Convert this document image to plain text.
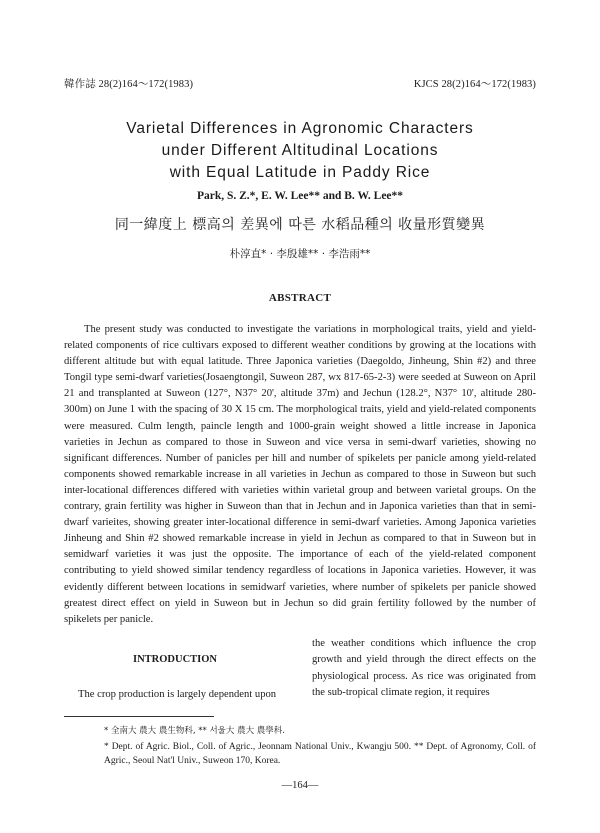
韓作誌 28(2)164～172(1983)	KJCS 28(2)164～172(1983)
Varietal Differences in Agronomic Characters
under Different Altitudinal Locations
with Equal Latitude in Paddy Rice
Park, S. Z.*, E. W. Lee** and B. W. Lee**
同一緯度上 標高의 差異에 따른 水稻品種의 收量形質變異
朴淳直* · 李殷雄** · 李浩雨**
ABSTRACT

The present study was conducted to investigate the variations in morphological traits, yield and yield-related components of rice cultivars exposed to different weather conditions by growing at the locations with different altitude but with equal latitude. Three Japonica varieties (Daegoldo, Jinheung, Shin #2) and three Tongil type semi-dwarf varieties(Josaengtongil, Suweon 287, wx 817-65-2-3) were seeded at Suweon on April 21 and transplanted at Suweon (127°, N37° 20', altitude 37m) and Jechun (128.2°, N37° 10', altitude 280-300m) on June 1 with the spacing of 30 X 15 cm. The morphological traits, yield and yield-related components were measured. Culm length, paincle length and 1000-grain weight showed a little increase in Japonica varieties in Jechun as compared to those in Suweon and vice versa in semi-dwarf varieties, showing no significant differences. Number of panicles per hill and number of spikelets per panicle among yield-related components showed remarkable increase in all varieties in Jechun as compared to those in Suweon but such inter-locational differences differed with varieties within varietal group and between varietal groups. On the contrary, grain fertility was higher in Suweon than that in Jechun and in Japonica varieties than that in semi-dwarf varieites, showing greater inter-locational difference in semi-dwarf varieties. Among Japonica varieties Jinheung and Shin #2 showed remarkable increase in yield in Jechun as compared to that in Suweon but in semidwarf varieties it was just the opposite. The importance of each of the yield-related component contributing to yield showed similar tendency regardless of locations in Japonica varieties. However, it was evidently different between locations in semidwarf varieties, where number of spikelets per panicle showed greatest direct effect on yield in Suweon but in Jechun so did grain fertility followed by the number of spikelets per panicle.

INTRODUCTION
The crop production is largely dependent upon
the weather conditions which influence the crop growth and yield through the direct effects on the physiological process. As rice was originated from the sub-tropical climate region, it requires
* 全南大 農大 農生物科, ** 서울大 農大 農學科.
* Dept. of Agric. Biol., Coll. of Agric., Jeonnam National Univ., Kwangju 500. ** Dept. of Agronomy, Coll. of Agric., Seoul Nat'l Univ., Suweon 170, Korea.
—164—
